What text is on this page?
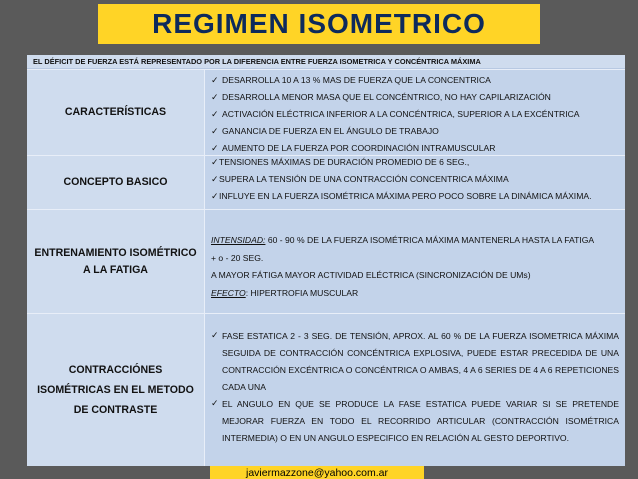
REGIMEN ISOMETRICO
EL DÉFICIT DE FUERZA ESTÁ REPRESENTADO POR LA DIFERENCIA ENTRE FUERZA ISOMETRICA Y CONCÉNTRICA MÁXIMA
CARACTERÍSTICAS
✓ DESARROLLA 10 A 13 % MAS DE FUERZA QUE LA CONCENTRICA
✓ DESARROLLA MENOR MASA QUE EL CONCÉNTRICO, NO HAY CAPILARIZACIÓN
✓ ACTIVACIÓN ELÉCTRICA INFERIOR A LA CONCÉNTRICA, SUPERIOR A LA EXCÉNTRICA
✓ GANANCIA DE FUERZA EN EL ÁNGULO DE TRABAJO
✓ AUMENTO DE LA FUERZA POR COORDINACIÓN INTRAMUSCULAR
CONCEPTO BASICO
✓ TENSIONES MÁXIMAS DE DURACIÓN PROMEDIO DE 6 SEG.,
✓ SUPERA LA TENSIÓN DE UNA CONTRACCIÓN CONCENTRICA MÁXIMA
✓ INFLUYE EN LA FUERZA ISOMÉTRICA MÁXIMA PERO POCO SOBRE LA DINÁMICA MÁXIMA.
ENTRENAMIENTO ISOMÉTRICO A LA FATIGA
INTENSIDAD: 60 - 90 % DE LA FUERZA ISOMÉTRICA MÁXIMA MANTENERLA HASTA LA FATIGA
+ o - 20 SEG.
A MAYOR FÁTIGA MAYOR ACTIVIDAD ELÉCTRICA (SINCRONIZACIÓN DE UMs)
EFECTO: HIPERTROFIA MUSCULAR
CONTRACCIÓNES
ISOMÉTRICAS EN EL METODO
DE CONTRASTE
✓ FASE ESTATICA 2 - 3 SEG. DE TENSIÓN, APROX. AL 60 % DE LA FUERZA ISOMETRICA MÁXIMA SEGUIDA DE CONTRACCIÓN CONCÉNTRICA EXPLOSIVA, PUEDE ESTAR PRECEDIDA DE UNA CONTRACCIÓN EXCÉNTRICA O CONCÉNTRICA O AMBAS, 4 A 6 SERIES DE 4 A 6 REPETICIONES CADA UNA
✓ EL ANGULO EN QUE SE PRODUCE LA FASE ESTATICA PUEDE VARIAR SI SE PRETENDE MEJORAR FUERZA EN TODO EL RECORRIDO ARTICULAR (CONTRACCIÓN ISOMÉTRICA INTERMEDIA) O EN UN ANGULO ESPECIFICO EN RELACIÓN AL GESTO DEPORTIVO.
javiermazzone@yahoo.com.ar
